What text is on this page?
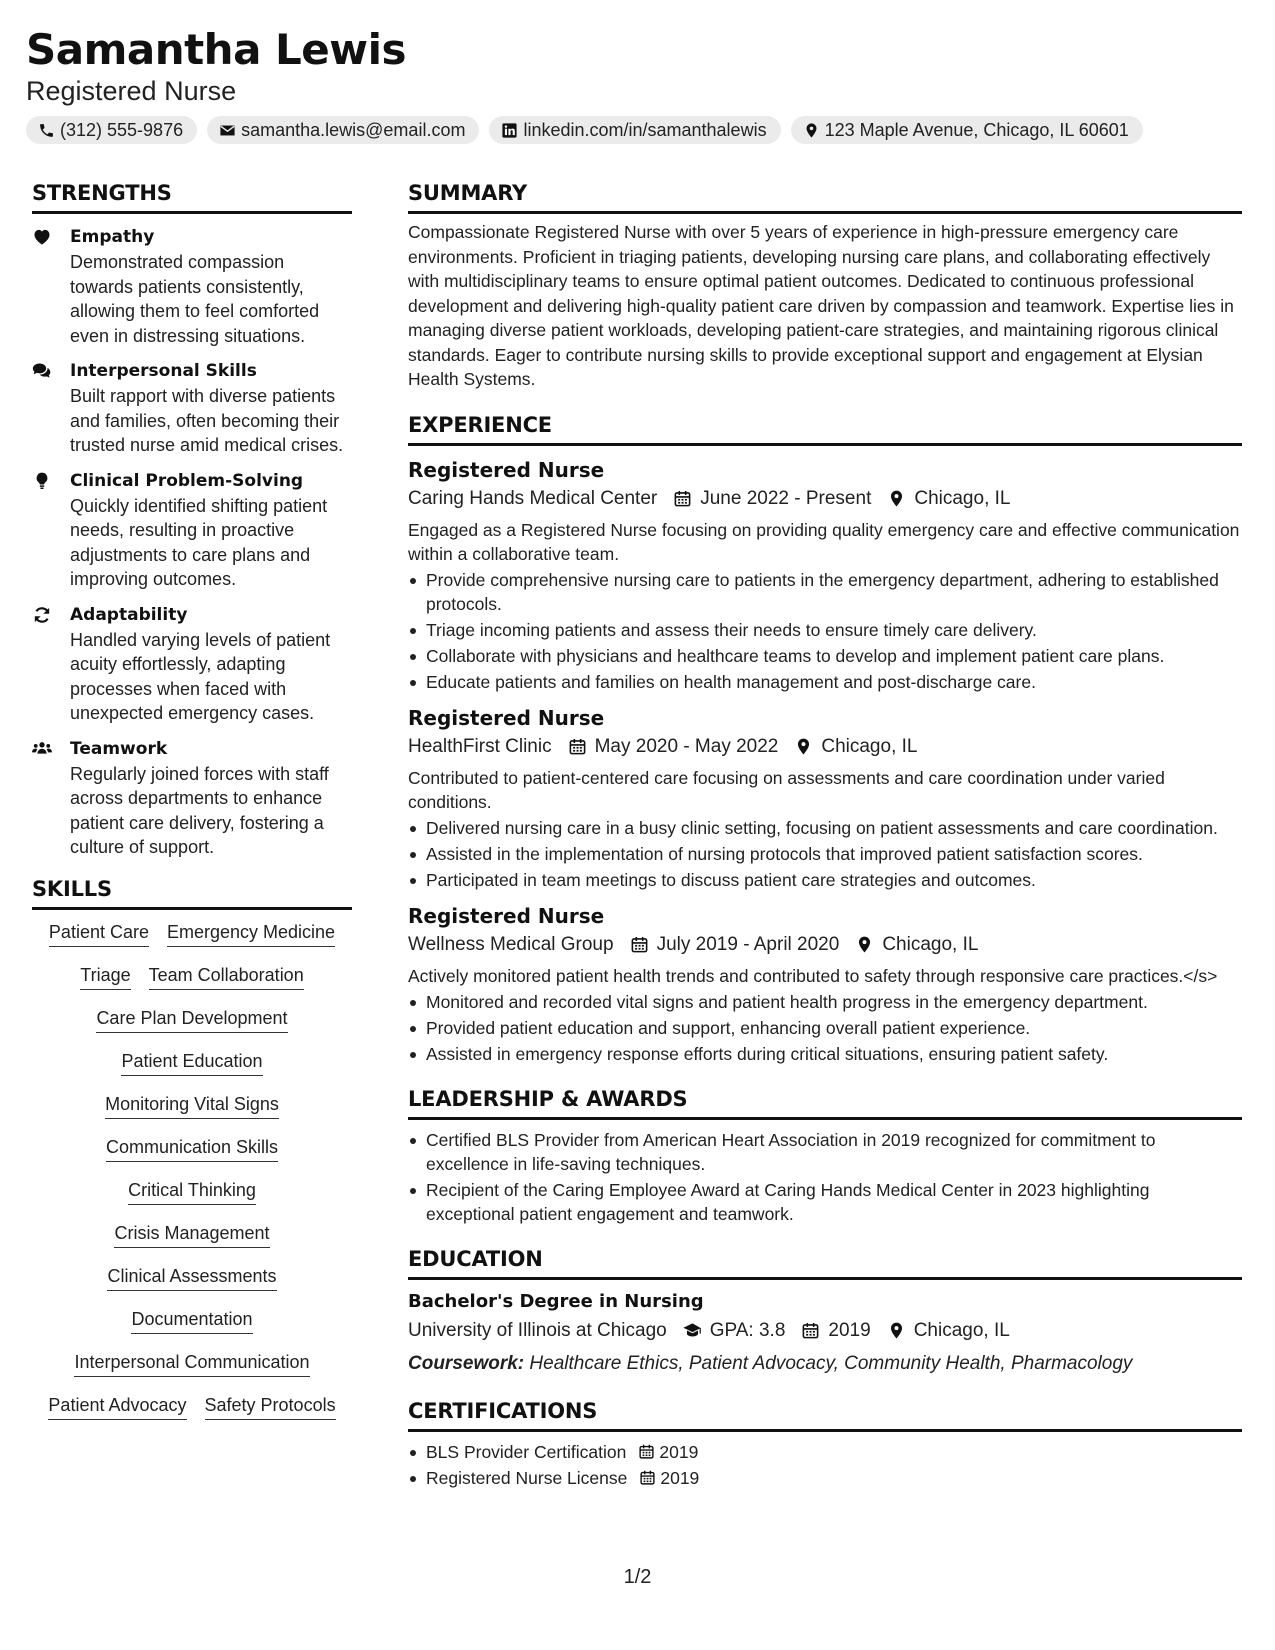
Samantha Lewis
Registered Nurse
(312) 555-9876	samantha.lewis@email.com	linkedin.com/in/samanthalewis	123 Maple Avenue, Chicago, IL 60601
STRENGTHS
Empathy
Demonstrated compassion towards patients consistently, allowing them to feel comforted even in distressing situations.
Interpersonal Skills
Built rapport with diverse patients and families, often becoming their trusted nurse amid medical crises.
Clinical Problem-Solving
Quickly identified shifting patient needs, resulting in proactive adjustments to care plans and improving outcomes.
Adaptability
Handled varying levels of patient acuity effortlessly, adapting processes when faced with unexpected emergency cases.
Teamwork
Regularly joined forces with staff across departments to enhance patient care delivery, fostering a culture of support.
SKILLS
Patient Care Emergency Medicine
Triage Team Collaboration
Care Plan Development
Patient Education
Monitoring Vital Signs
Communication Skills
Critical Thinking
Crisis Management
Clinical Assessments
Documentation
Interpersonal Communication
Patient Advocacy Safety Protocols
SUMMARY
Compassionate Registered Nurse with over 5 years of experience in high-pressure emergency care environments. Proficient in triaging patients, developing nursing care plans, and collaborating effectively with multidisciplinary teams to ensure optimal patient outcomes. Dedicated to continuous professional development and delivering high-quality patient care driven by compassion and teamwork. Expertise lies in managing diverse patient workloads, developing patient-care strategies, and maintaining rigorous clinical standards. Eager to contribute nursing skills to provide exceptional support and engagement at Elysian Health Systems.
EXPERIENCE
Registered Nurse
Caring Hands Medical Center June 2022 - Present Chicago, IL
Engaged as a Registered Nurse focusing on providing quality emergency care and effective communication within a collaborative team.
Provide comprehensive nursing care to patients in the emergency department, adhering to established protocols.
Triage incoming patients and assess their needs to ensure timely care delivery.
Collaborate with physicians and healthcare teams to develop and implement patient care plans.
Educate patients and families on health management and post-discharge care.
Registered Nurse
HealthFirst Clinic May 2020 - May 2022 Chicago, IL
Contributed to patient-centered care focusing on assessments and care coordination under varied conditions.
Delivered nursing care in a busy clinic setting, focusing on patient assessments and care coordination.
Assisted in the implementation of nursing protocols that improved patient satisfaction scores.
Participated in team meetings to discuss patient care strategies and outcomes.
Registered Nurse
Wellness Medical Group July 2019 - April 2020 Chicago, IL
Actively monitored patient health trends and contributed to safety through responsive care practices.</s>
Monitored and recorded vital signs and patient health progress in the emergency department.
Provided patient education and support, enhancing overall patient experience.
Assisted in emergency response efforts during critical situations, ensuring patient safety.
LEADERSHIP & AWARDS
Certified BLS Provider from American Heart Association in 2019 recognized for commitment to excellence in life-saving techniques.
Recipient of the Caring Employee Award at Caring Hands Medical Center in 2023 highlighting exceptional patient engagement and teamwork.
EDUCATION
Bachelor's Degree in Nursing
University of Illinois at Chicago GPA: 3.8 2019 Chicago, IL
Coursework: Healthcare Ethics, Patient Advocacy, Community Health, Pharmacology
CERTIFICATIONS
BLS Provider Certification 2019
Registered Nurse License 2019
1/2
